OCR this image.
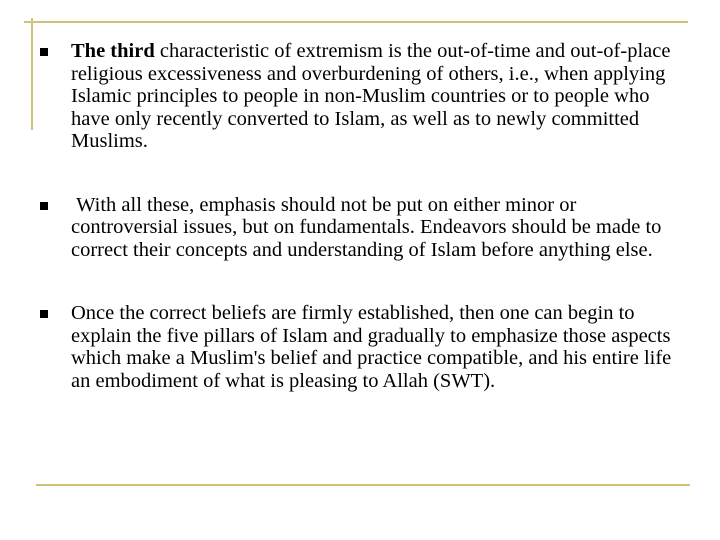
The third characteristic of extremism is the out-of-time and out-of-place religious excessiveness and overburdening of others, i.e., when applying Islamic principles to people in non-Muslim countries or to people who have only recently converted to Islam, as well as to newly committed Muslims.
With all these, emphasis should not be put on either minor or controversial issues, but on fundamentals. Endeavors should be made to correct their concepts and understanding of Islam before anything else.
Once the correct beliefs are firmly established, then one can begin to explain the five pillars of Islam and gradually to emphasize those aspects which make a Muslim's belief and practice compatible, and his entire life an embodiment of what is pleasing to Allah (SWT).
